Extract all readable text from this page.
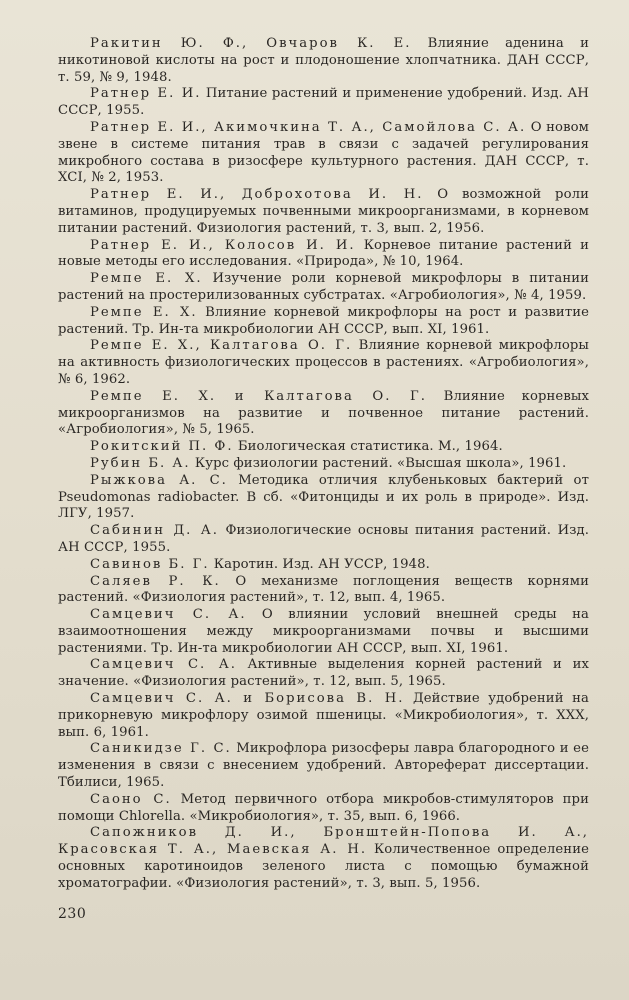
Ракитин Ю. Ф., Овчаров К. Е. Влияние аденина и никотиновой кислоты на рост и плодоношение хлопчатника. ДАН СССР, т. 59, № 9, 1948.

Ратнер Е. И. Питание растений и применение удобрений. Изд. АН СССР, 1955.

Ратнер Е. И., Акимочкина Т. А., Самойлова С. А. О новом звене в системе питания трав в связи с задачей регулирования микробного состава в ризосфере культурного растения. ДАН СССР, т. XCI, № 2, 1953.

Ратнер Е. И., Доброхотова И. Н. О возможной роли витаминов, продуцируемых почвенными микроорганизмами, в корневом питании растений. Физиология растений, т. 3, вып. 2, 1956.

Ратнер Е. И., Колосов И. И. Корневое питание растений и новые методы его исследования. «Природа», № 10, 1964.

Ремпе Е. Х. Изучение роли корневой микрофлоры в питании растений на простерилизованных субстратах. «Агробиология», № 4, 1959.

Ремпе Е. Х. Влияние корневой микрофлоры на рост и развитие растений. Тр. Ин-та микробиологии АН СССР, вып. XI, 1961.

Ремпе Е. Х., Калтагова О. Г. Влияние корневой микрофлоры на активность физиологических процессов в растениях. «Агробиология», № 6, 1962.

Ремпе Е. Х. и Калтагова О. Г. Влияние корневых микроорганизмов на развитие и почвенное питание растений. «Агробиология», № 5, 1965.

Рокитский П. Ф. Биологическая статистика. М., 1964.

Рубин Б. А. Курс физиологии растений. «Высшая школа», 1961.

Рыжкова А. С. Методика отличия клубеньковых бактерий от Pseudomonas radiobacter. В сб. «Фитонциды и их роль в природе». Изд. ЛГУ, 1957.

Сабинин Д. А. Физиологические основы питания растений. Изд. АН СССР, 1955.

Савинов Б. Г. Каротин. Изд. АН УССР, 1948.

Саляев Р. К. О механизме поглощения веществ корнями растений. «Физиология растений», т. 12, вып. 4, 1965.

Самцевич С. А. О влиянии условий внешней среды на взаимоотношения между микроорганизмами почвы и высшими растениями. Тр. Ин-та микробиологии АН СССР, вып. XI, 1961.

Самцевич С. А. Активные выделения корней растений и их значение. «Физиология растений», т. 12, вып. 5, 1965.

Самцевич С. А. и Борисова В. Н. Действие удобрений на прикорневую микрофлору озимой пшеницы. «Микробиология», т. XXX, вып. 6, 1961.

Саникидзе Г. С. Микрофлора ризосферы лавра благородного и ее изменения в связи с внесением удобрений. Автореферат диссертации. Тбилиси, 1965.

Саоно С. Метод первичного отбора микробов-стимуляторов при помощи Chlorella. «Микробиология», т. 35, вып. 6, 1966.

Сапожников Д. И., Бронштейн-Попова И. А., Красовская Т. А., Маевская А. Н. Количественное определение основных каротиноидов зеленого листа с помощью бумажной хроматографии. «Физиология растений», т. 3, вып. 5, 1956.

230
